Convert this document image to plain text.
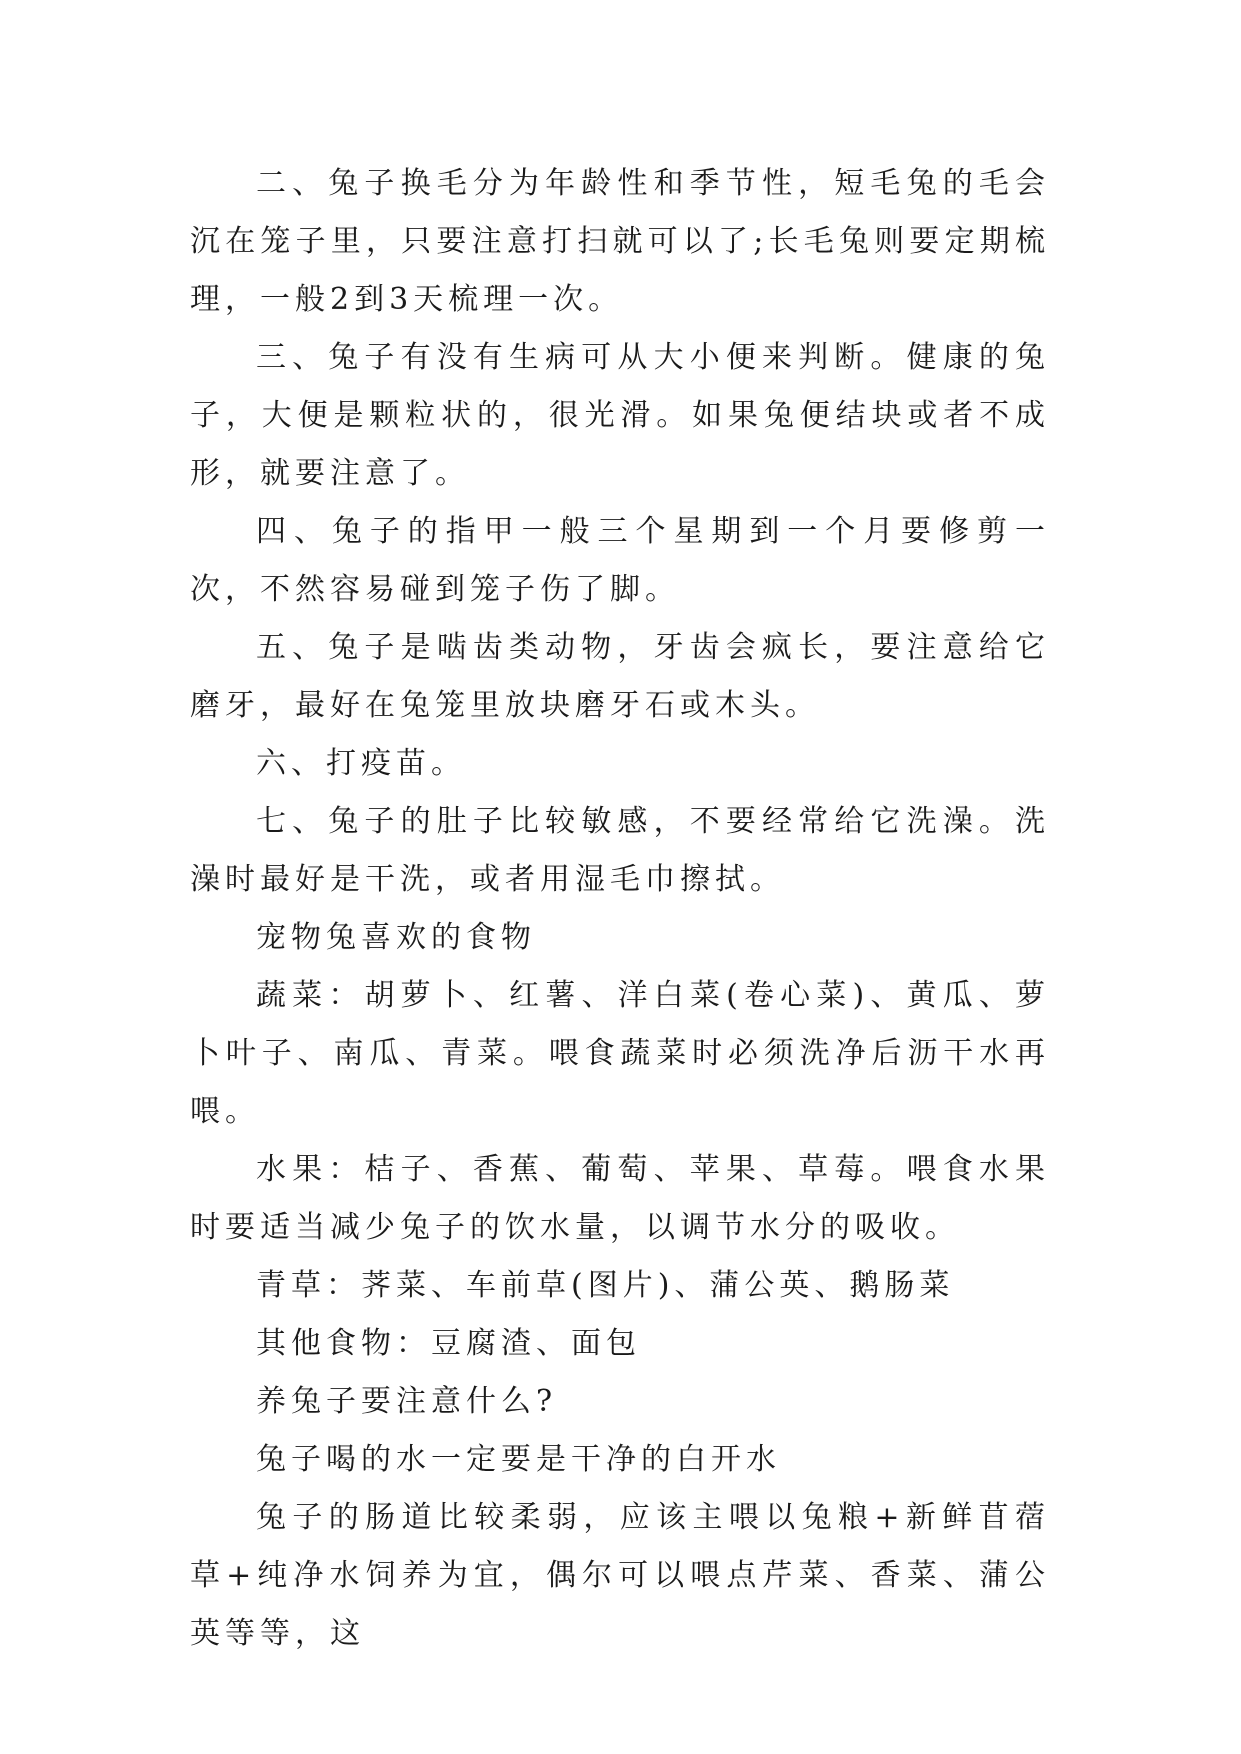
二、兔子换毛分为年龄性和季节性，短毛兔的毛会沉在笼子里，只要注意打扫就可以了;长毛兔则要定期梳理，一般2到3天梳理一次。

三、兔子有没有生病可从大小便来判断。健康的兔子，大便是颗粒状的，很光滑。如果兔便结块或者不成形，就要注意了。

四、兔子的指甲一般三个星期到一个月要修剪一次，不然容易碰到笼子伤了脚。

五、兔子是啮齿类动物，牙齿会疯长，要注意给它磨牙，最好在兔笼里放块磨牙石或木头。

六、打疫苗。

七、兔子的肚子比较敏感，不要经常给它洗澡。洗澡时最好是干洗，或者用湿毛巾擦拭。

宠物兔喜欢的食物

蔬菜：胡萝卜、红薯、洋白菜(卷心菜)、黄瓜、萝卜叶子、南瓜、青菜。喂食蔬菜时必须洗净后沥干水再喂。

水果：桔子、香蕉、葡萄、苹果、草莓。喂食水果时要适当减少兔子的饮水量，以调节水分的吸收。

青草：荠菜、车前草(图片)、蒲公英、鹅肠菜

其他食物：豆腐渣、面包

养兔子要注意什么?

兔子喝的水一定要是干净的白开水

兔子的肠道比较柔弱，应该主喂以兔粮+新鲜苜蓿草+纯净水饲养为宜，偶尔可以喂点芹菜、香菜、蒲公英等等，这
